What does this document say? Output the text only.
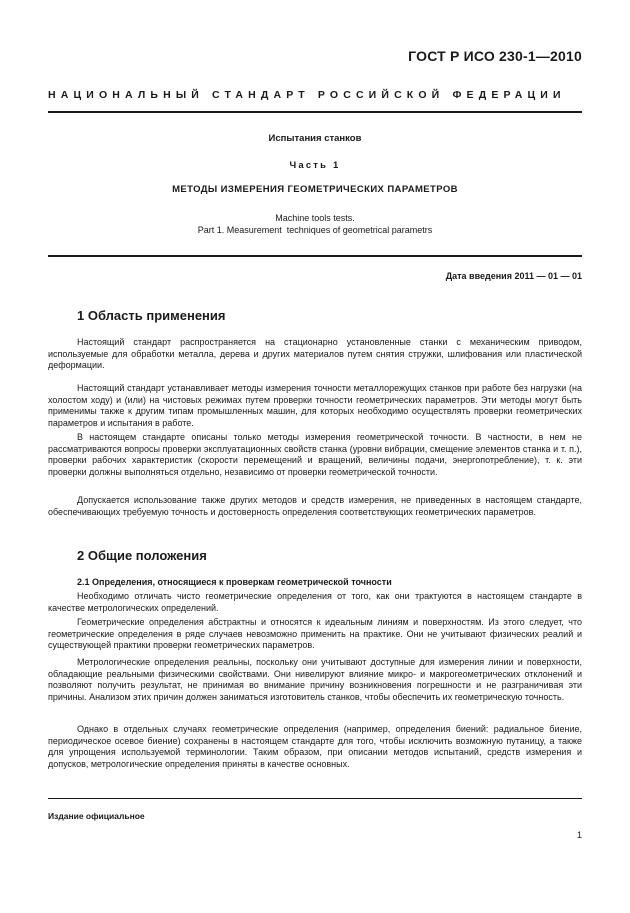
ГОСТ Р ИСО 230-1—2010
НАЦИОНАЛЬНЫЙ СТАНДАРТ РОССИЙСКОЙ ФЕДЕРАЦИИ
Испытания станков
Часть 1
МЕТОДЫ ИЗМЕРЕНИЯ ГЕОМЕТРИЧЕСКИХ ПАРАМЕТРОВ
Machine tools tests.
Part 1. Measurement  techniques of geometrical parametrs
Дата введения 2011 — 01 — 01
1 Область применения

Настоящий стандарт распространяется на стационарно установленные станки с механическим приводом, используемые для обработки металла, дерева и других материалов путем снятия стружки, шлифования или пластической деформации.

Настоящий стандарт устанавливает методы измерения точности металлорежущих станков при работе без нагрузки (на холостом ходу) и (или) на чистовых режимах путем проверки точности геометрических параметров. Эти методы могут быть применимы также к другим типам промышленных машин, для которых необходимо осуществлять проверки геометрических параметров и испытания в работе.

В настоящем стандарте описаны только методы измерения геометрической точности. В частности, в нем не рассматриваются вопросы проверки эксплуатационных свойств станка (уровни вибрации, смещение элементов станка и т. п.), проверки рабочих характеристик (скорости перемещений и вращений, величины подачи, энергопотребление), т. к. эти проверки должны выполняться отдельно, независимо от проверки геометрической точности.

Допускается использование также других методов и средств измерения, не приведенных в настоящем стандарте, обеспечивающих требуемую точность и достоверность определения соответствующих геометрических параметров.

2 Общие положения
2.1 Определения, относящиеся к проверкам геометрической точности

Необходимо отличать чисто геометрические определения от того, как они трактуются в настоящем стандарте в качестве метрологических определений.

Геометрические определения абстрактны и относятся к идеальным линиям и поверхностям. Из этого следует, что геометрические определения в ряде случаев невозможно применить на практике. Они не учитывают физических реалий и существующей практики проверки геометрических параметров.

Метрологические определения реальны, поскольку они учитывают доступные для измерения линии и поверхности, обладающие реальными физическими свойствами. Они нивелируют влияние микро- и макрогеометрических отклонений и позволяют получить результат, не принимая во внимание причину возникновения погрешности и не разграничивая эти причины. Анализом этих причин должен заниматься изготовитель станков, чтобы обеспечить их геометрическую точность.

Однако в отдельных случаях геометрические определения (например, определения биений: радиальное биение, периодическое осевое биение) сохранены в настоящем стандарте для того, чтобы исключить возможную путаницу, а также для упрощения используемой терминологии. Таким образом, при описании методов испытаний, средств измерения и допусков, метрологические определения приняты в качестве основных.

Издание официальное
1
